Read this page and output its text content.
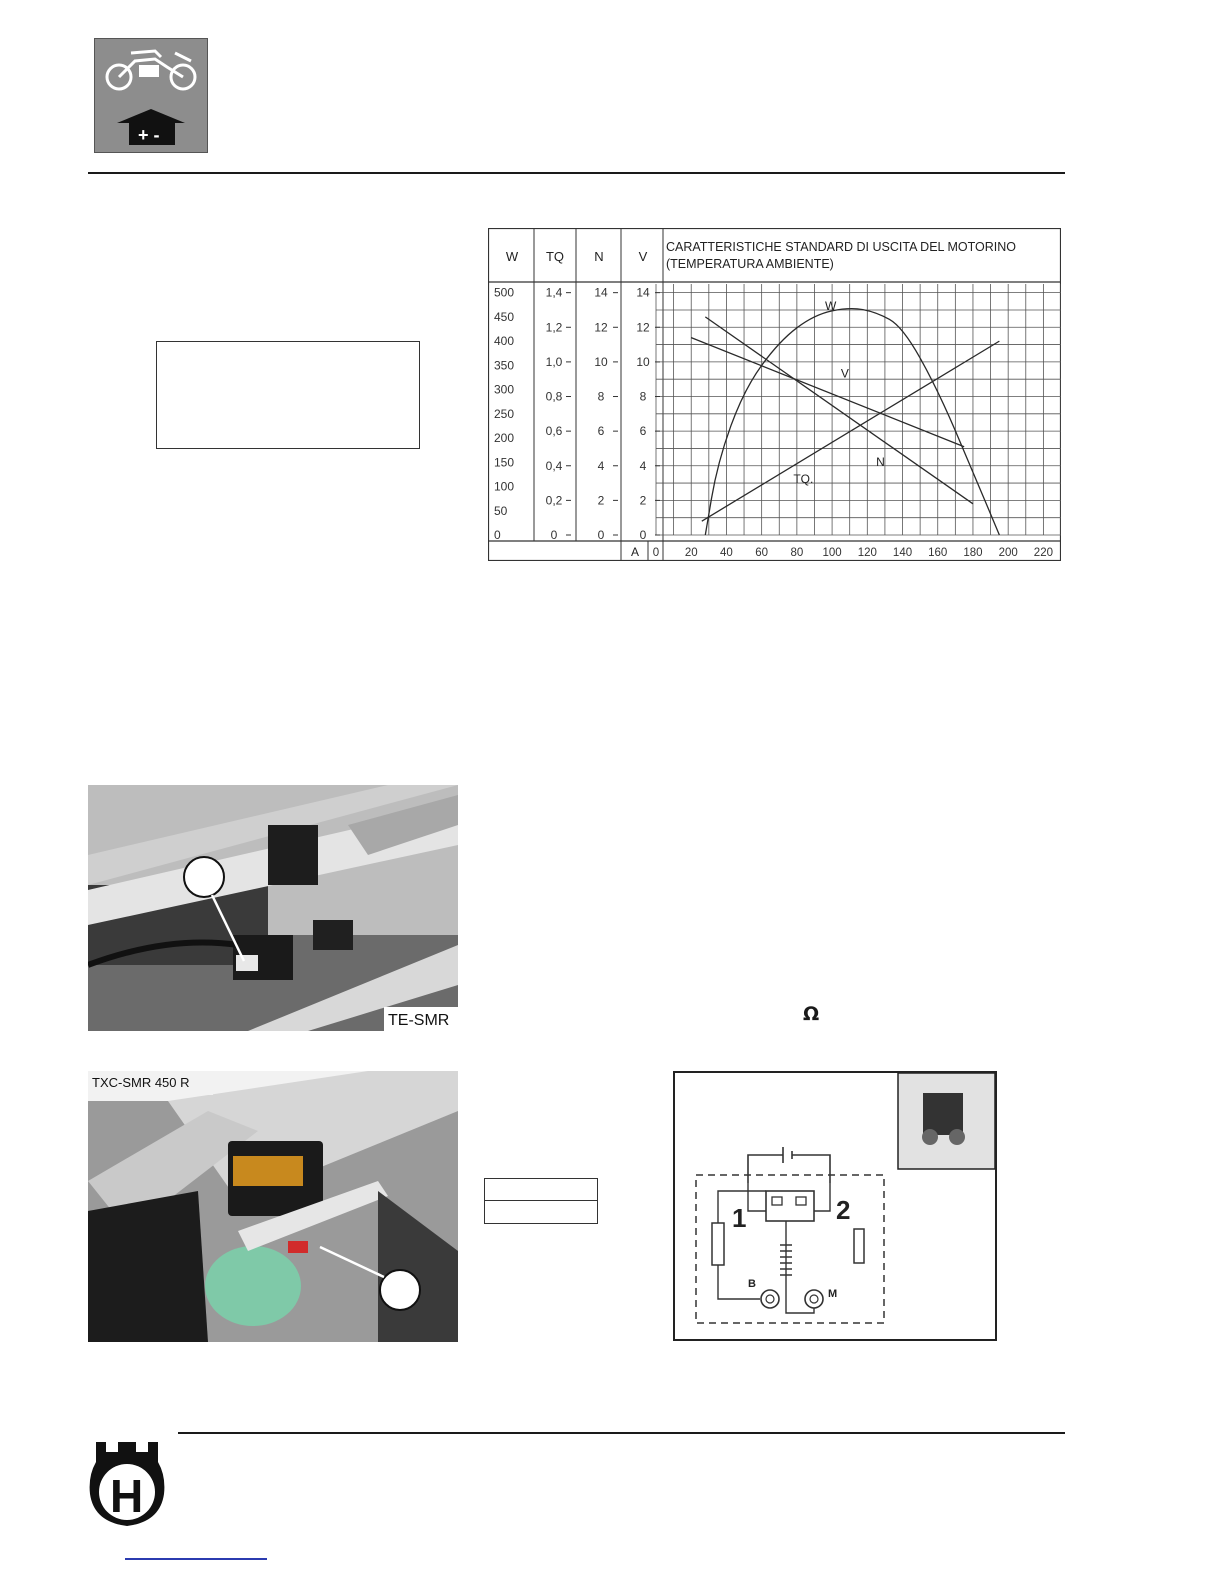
+ -
W TQ N	V
CARATTERISTICHE STANDARD DI USCITA DEL MOTORINO
(TEMPERATURA AMBIENTE)
500
450
400
350
300
250
200
150
100
50
0
1,4
1,2
1,0
0,8
0,6
0,4
0,2
0
14
12
10
8
6
4
2
0
14
12
10
8
6
4
2
0
0 20 40 60 80 100 120 140 160 180 200 220
A
W
V
N
TQ.
TE-SMR
TXC-SMR 450 R
Ω
1	2
B
M
H
